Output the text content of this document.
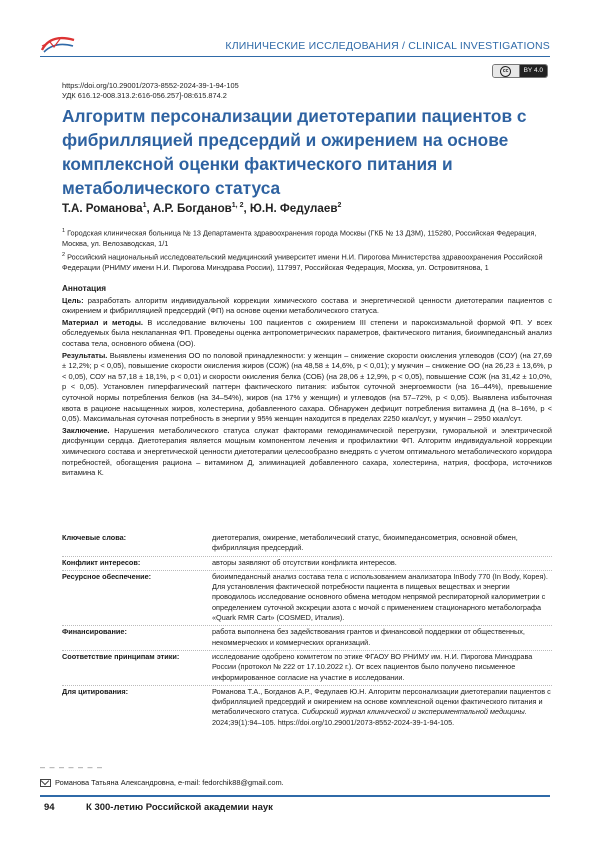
КЛИНИЧЕСКИЕ ИССЛЕДОВАНИЯ / CLINICAL INVESTIGATIONS
cc	BY 4.0
https://doi.org/10.29001/2073-8552-2024-39-1-94-105
УДК 616.12-008.313.2:616-056.257]-08:615.874.2
Алгоритм персонализации диетотерапии пациентов с фибрилляцией предсердий и ожирением на основе комплексной оценки фактического питания и метаболического статуса
Т.А. Романова$^1$, А.Р. Богданов$^{1, 2}$, Ю.Н. Федулаев$^2$
$^1$ Городская клиническая больница № 13 Департамента здравоохранения города Москвы (ГКБ № 13 ДЗМ), 115280, Российская Федерация, Москва, ул. Велозаводская, 1/1
$^2$ Российский национальный исследовательский медицинский университет имени Н.И. Пирогова Министерства здравоохранения Российской Федерации (РНИМУ имени Н.И. Пирогова Минздрава России), 117997, Российская Федерация, Москва, ул. Островитянова, 1
Аннотация

Цель: разработать алгоритм индивидуальной коррекции химического состава и энергетической ценности диетотерапии пациентов с ожирением и фибрилляцией предсердий (ФП) на основе оценки метаболического статуса.

Материал и методы. В исследование включены 100 пациентов с ожирением III степени и пароксизмальной формой ФП. У всех обследуемых была неклапанная ФП. Проведены оценка антропометрических параметров, фактического питания, биоимпедансный анализ состава тела, основного обмена (ОО).

Результаты. Выявлены изменения ОО по половой принадлежности: у женщин – снижение скорости окисления углеводов (СОУ) (на 27,69 ± 12,2%; p < 0,05), повышение скорости окисления жиров (СОЖ) (на 48,58 ± 14,6%, p < 0,01); у мужчин – снижение ОО (на 26,23 ± 13,6%, p < 0,05), СОУ на 57,18 ± 18,1%, p < 0,01) и скорости окисления белка (СОБ) (на 28,06 ± 12,9%, p < 0,05), повышение СОЖ (на 31,42 ± 10,0%, p < 0,05). Установлен гиперфагический паттерн фактического питания: избыток суточной энергоемкости (на 16–44%), превышение суточной нормы потребления белков (на 34–54%), жиров (на 17% у женщин) и углеводов (на 57–72%, p < 0,05). Выявлена избыточная квота в рационе насыщенных жиров, холестерина, добавленного сахара. Обнаружен дефицит потребления витамина Д (на 8–16%, p < 0,05). Максимальная суточная потребность в энергии у 95% женщин находится в пределах 2250 ккал/сут, у мужчин – 2950 ккал/сут.

Заключение. Нарушения метаболического статуса служат факторами гемодинамической перегрузки, гуморальной и электрической дисфункции сердца. Диетотерапия является мощным компонентом лечения и профилактики ФП. Алгоритм индивидуальной коррекции химического состава и энергетической ценности диетотерапии целесообразно внедрять с учетом оптимального метаболического коридора потребностей, обогащения рациона – витамином Д, элиминацией добавленного сахара, холестерина, натрия, фосфора, источников витамина К.

Ключевые слова:	диетотерапия, ожирение, метаболический статус, биоимпедансометрия, основной обмен, фибрилляция предсердий.
Конфликт интересов:	авторы заявляют об отсутствии конфликта интересов.
Ресурсное обеспечение:	биоимпедансный анализ состава тела с использованием анализатора InBody 770 (In Body, Корея). Для установления фактической потребности пациента в пищевых веществах и энергии проводилось исследование основного обмена методом непрямой респираторной калориметрии с определением суточной экскреции азота с мочой с применением стационарного метаболографа «Quark RMR Cart» (COSMED, Италия).
Финансирование:	работа выполнена без задействования грантов и финансовой поддержки от общественных, некоммерческих и коммерческих организаций.
Соответствие принципам этики:	исследование одобрено комитетом по этике ФГАОУ ВО РНИМУ им. Н.И. Пирогова Минздрава России (протокол № 222 от 17.10.2022 г.). От всех пациентов было получено письменное информированное согласие на участие в исследовании.
Для цитирования:	Романова Т.А., Богданов А.Р., Федулаев Ю.Н. Алгоритм персонализации диетотерапии пациентов с фибрилляцией предсердий и ожирением на основе комплексной оценки фактического питания и метаболического статуса. Сибирский журнал клинической и экспериментальной медицины. 2024;39(1):94–105. https://doi.org/10.29001/2073-8552-2024-39-1-94-105.
– – – – – – –
Романова Татьяна Александровна, e-mail: fedorchik88@gmail.com.
94	К 300-летию Российской академии наук
